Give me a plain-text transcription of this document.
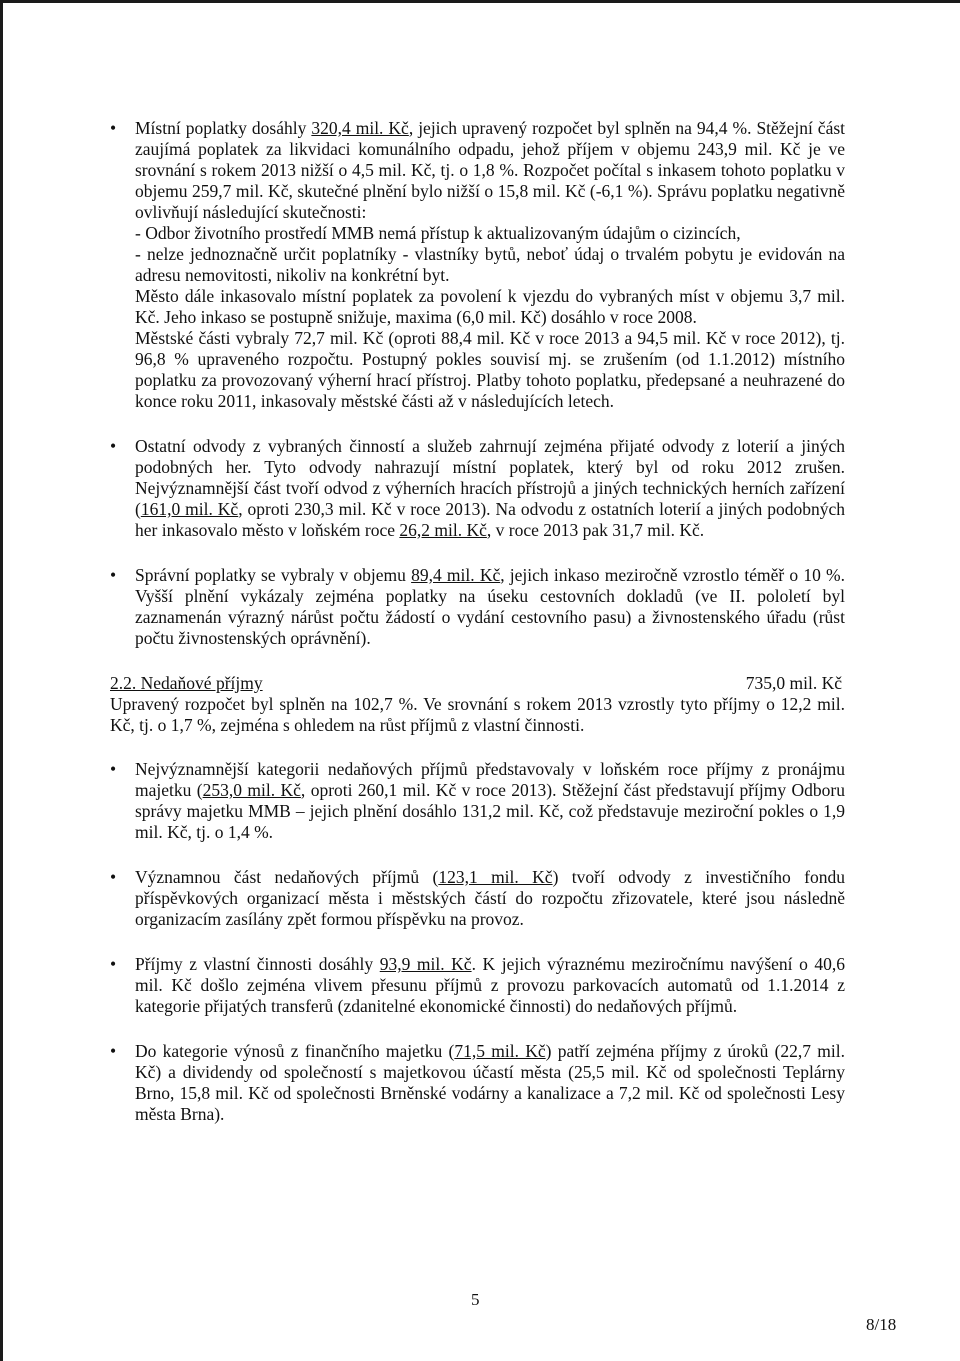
• Místní poplatky dosáhly 320,4 mil. Kč, jejich upravený rozpočet byl splněn na 94,4 %. Stěžejní část zaujímá poplatek za likvidaci komunálního odpadu, jehož příjem v objemu 243,9 mil. Kč je ve srovnání s rokem 2013 nižší o 4,5 mil. Kč, tj. o 1,8 %. Rozpočet počítal s inkasem tohoto poplatku v objemu 259,7 mil. Kč, skutečné plnění bylo nižší o 15,8 mil. Kč (-6,1 %). Správu poplatku negativně ovlivňují následující skutečnosti:

- Odbor životního prostředí MMB nemá přístup k aktualizovaným údajům o cizincích,

- nelze jednoznačně určit poplatníky - vlastníky bytů, neboť údaj o trvalém pobytu je evidován na adresu nemovitosti, nikoliv na konkrétní byt.

Město dále inkasovalo místní poplatek za povolení k vjezdu do vybraných míst v objemu 3,7 mil. Kč. Jeho inkaso se postupně snižuje, maxima (6,0 mil. Kč) dosáhlo v roce 2008.

Městské části vybraly 72,7 mil. Kč (oproti 88,4 mil. Kč v roce 2013 a 94,5 mil. Kč v roce 2012), tj. 96,8 % upraveného rozpočtu. Postupný pokles souvisí mj. se zrušením (od 1.1.2012) místního poplatku za provozovaný výherní hrací přístroj. Platby tohoto poplatku, předepsané a neuhrazené do konce roku 2011, inkasovaly městské části až v následujících letech.

• Ostatní odvody z vybraných činností a služeb zahrnují zejména přijaté odvody z loterií a jiných podobných her. Tyto odvody nahrazují místní poplatek, který byl od roku 2012 zrušen. Nejvýznamnější část tvoří odvod z výherních hracích přístrojů a jiných technických herních zařízení (161,0 mil. Kč, oproti 230,3 mil. Kč v roce 2013). Na odvodu z ostatních loterií a jiných podobných her inkasovalo město v loňském roce 26,2 mil. Kč, v roce 2013 pak 31,7 mil. Kč.

• Správní poplatky se vybraly v objemu 89,4 mil. Kč, jejich inkaso meziročně vzrostlo téměř o 10 %. Vyšší plnění vykázaly zejména poplatky na úseku cestovních dokladů (ve II. pololetí byl zaznamenán výrazný nárůst počtu žádostí o vydání cestovního pasu) a živnostenského úřadu (růst počtu živnostenských oprávnění).

2.2. Nedaňové příjmy	735,0 mil. Kč

Upravený rozpočet byl splněn na 102,7 %. Ve srovnání s rokem 2013 vzrostly tyto příjmy o 12,2 mil. Kč, tj. o 1,7 %, zejména s ohledem na růst příjmů z vlastní činnosti.

• Nejvýznamnější kategorii nedaňových příjmů představovaly v loňském roce příjmy z pronájmu majetku (253,0 mil. Kč, oproti 260,1 mil. Kč v roce 2013). Stěžejní část představují příjmy Odboru správy majetku MMB – jejich plnění dosáhlo 131,2 mil. Kč, což představuje meziroční pokles o 1,9 mil. Kč, tj. o 1,4 %.

• Významnou část nedaňových příjmů (123,1 mil. Kč) tvoří odvody z investičního fondu příspěvkových organizací města i městských částí do rozpočtu zřizovatele, které jsou následně organizacím zasílány zpět formou příspěvku na provoz.

• Příjmy z vlastní činnosti dosáhly 93,9 mil. Kč. K jejich výraznému meziročnímu navýšení o 40,6 mil. Kč došlo zejména vlivem přesunu příjmů z provozu parkovacích automatů od 1.1.2014 z kategorie přijatých transferů (zdanitelné ekonomické činnosti) do nedaňových příjmů.

• Do kategorie výnosů z finančního majetku (71,5 mil. Kč) patří zejména příjmy z úroků (22,7 mil. Kč) a dividendy od společností s majetkovou účastí města (25,5 mil. Kč od společnosti Teplárny Brno, 15,8 mil. Kč od společnosti Brněnské vodárny a kanalizace a 7,2 mil. Kč od společnosti Lesy města Brna).

5
8/18
